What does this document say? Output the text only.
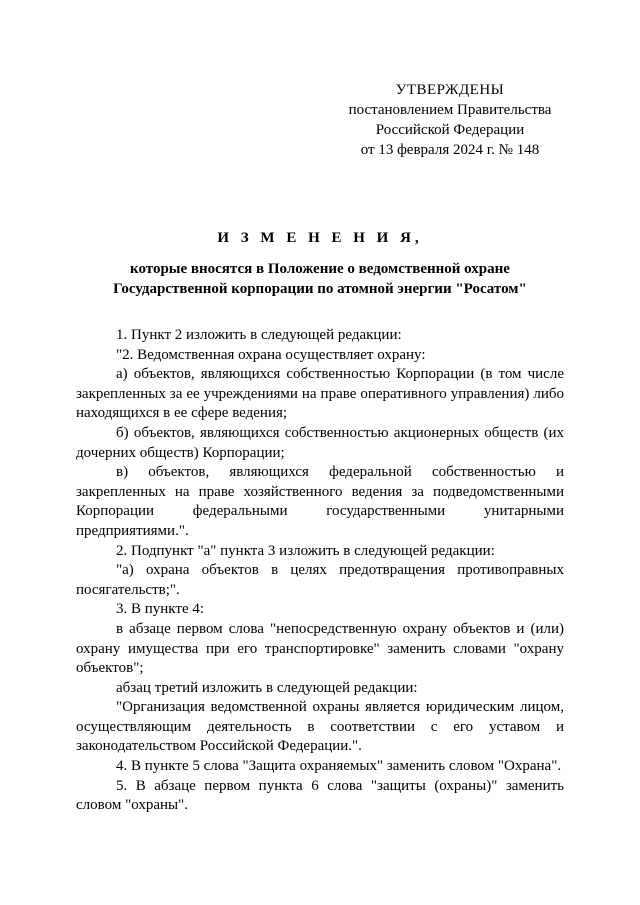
УТВЕРЖДЕНЫ
постановлением Правительства
Российской Федерации
от 13 февраля 2024 г. № 148
И З М Е Н Е Н И Я,
которые вносятся в Положение о ведомственной охране
Государственной корпорации по атомной энергии "Росатом"

1. Пункт 2 изложить в следующей редакции:

"2. Ведомственная охрана осуществляет охрану:

а) объектов, являющихся собственностью Корпорации (в том числе закрепленных за ее учреждениями на праве оперативного управления) либо находящихся в ее сфере ведения;

б) объектов, являющихся собственностью акционерных обществ (их дочерних обществ) Корпорации;

в) объектов, являющихся федеральной собственностью и закрепленных на праве хозяйственного ведения за подведомственными Корпорации федеральными государственными унитарными предприятиями.".

2. Подпункт "а" пункта 3 изложить в следующей редакции:

"а) охрана объектов в целях предотвращения противоправных посягательств;".

3. В пункте 4:

в абзаце первом слова "непосредственную охрану объектов и (или) охрану имущества при его транспортировке" заменить словами "охрану объектов";

абзац третий изложить в следующей редакции:

"Организация ведомственной охраны является юридическим лицом, осуществляющим деятельность в соответствии с его уставом и законодательством Российской Федерации.".

4. В пункте 5 слова "Защита охраняемых" заменить словом "Охрана".

5. В абзаце первом пункта 6 слова "защиты (охраны)" заменить словом "охраны".
